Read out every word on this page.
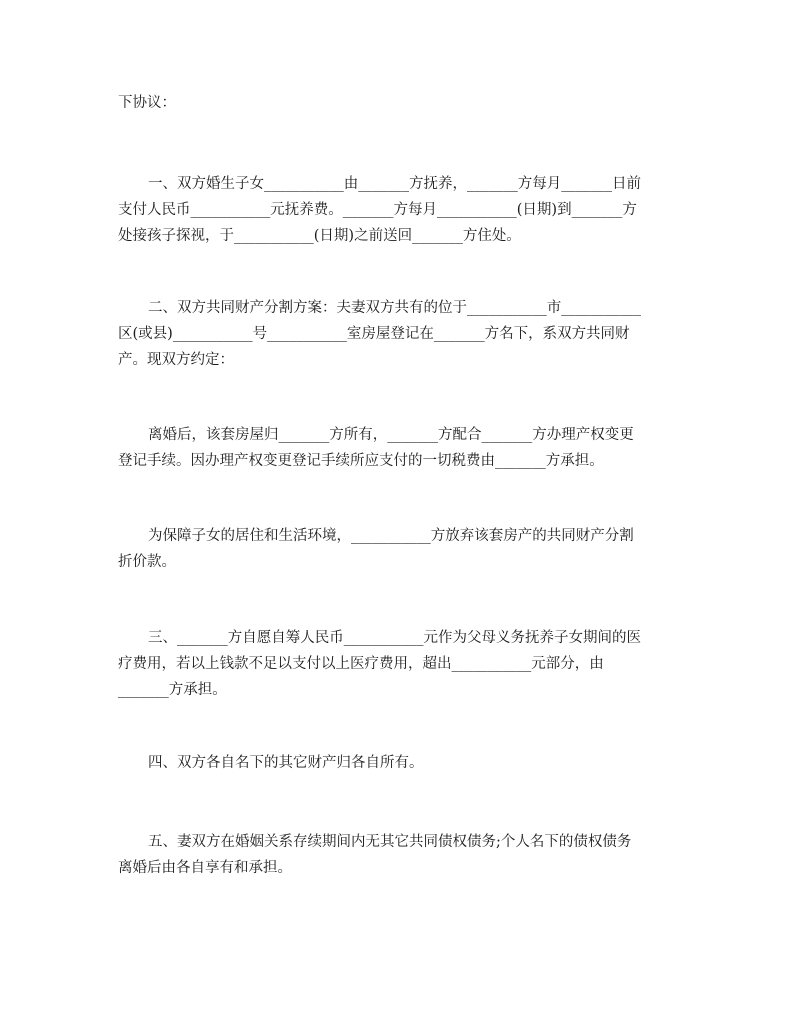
下协议：
一、双方婚生子女___________由_______方抚养，_______方每月_______日前
支付人民币___________元抚养费。_______方每月___________(日期)到_______方
处接孩子探视，于___________(日期)之前送回_______方住处。
二、双方共同财产分割方案：夫妻双方共有的位于___________市___________
区(或县)___________号___________室房屋登记在_______方名下，系双方共同财
产。现双方约定：
离婚后，该套房屋归_______方所有，_______方配合_______方办理产权变更
登记手续。因办理产权变更登记手续所应支付的一切税费由_______方承担。
为保障子女的居住和生活环境，___________方放弃该套房产的共同财产分割
折价款。
三、_______方自愿自筹人民币___________元作为父母义务抚养子女期间的医
疗费用，若以上钱款不足以支付以上医疗费用，超出___________元部分，由
_______方承担。
四、双方各自名下的其它财产归各自所有。
五、妻双方在婚姻关系存续期间内无其它共同债权债务;个人名下的债权债务
离婚后由各自享有和承担。
